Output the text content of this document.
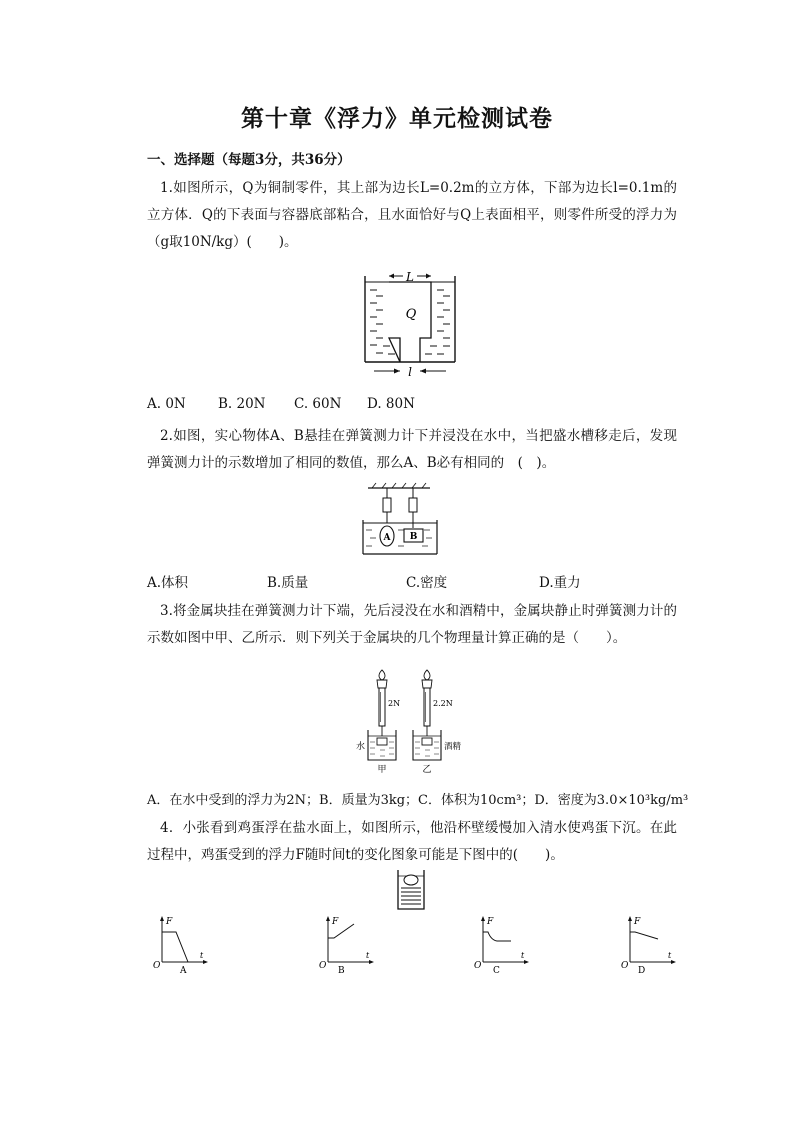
第十章《浮力》单元检测试卷
一、选择题（每题3分，共36分）
1.如图所示，Q为铜制零件，其上部为边长L=0.2m的立方体，下部为边长l=0.1m的立方体．Q的下表面与容器底部粘合，且水面恰好与Q上表面相平，则零件所受的浮力为（g取10N/kg）(　　)。
L
Q
l
A. 0N B. 20N C. 60N D. 80N
2.如图，实心物体A、B悬挂在弹簧测力计下并浸没在水中，当把盛水槽移走后，发现弹簧测力计的示数增加了相同的数值，那么A、B必有相同的　(　)。
A B
A.体积	B.质量	C.密度	D.重力
3.将金属块挂在弹簧测力计下端，先后浸没在水和酒精中，金属块静止时弹簧测力计的示数如图中甲、乙所示．则下列关于金属块的几个物理量计算正确的是（　　）。
2N	2.2N
水	酒精
甲	乙
A．在水中受到的浮力为2N；B．质量为3kg；C．体积为10cm³；D．密度为3.0×10³kg/m³
4．小张看到鸡蛋浮在盐水面上，如图所示，他沿杯壁缓慢加入清水使鸡蛋下沉。在此过程中，鸡蛋受到的浮力F随时间t的变化图象可能是下图中的(　　)。
F
t
O A
F
t
O B
F
t
O C
F
t
O D
